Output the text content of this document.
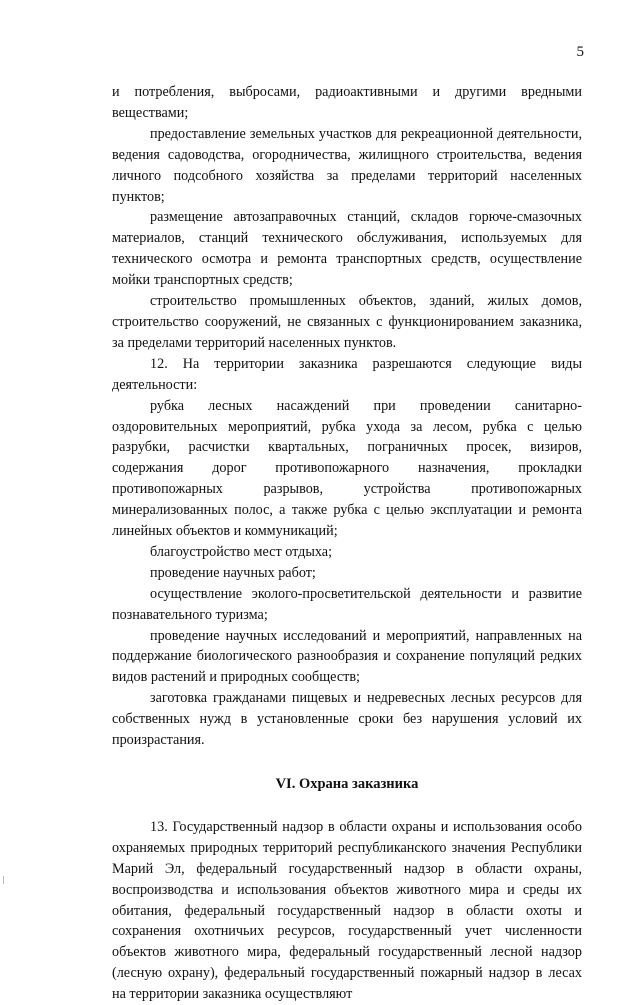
5

и потребления, выбросами, радиоактивными и другими вредными веществами;

предоставление земельных участков для рекреационной деятельности, ведения садоводства, огородничества, жилищного строительства, ведения личного подсобного хозяйства за пределами территорий населенных пунктов;

размещение автозаправочных станций, складов горюче-смазочных материалов, станций технического обслуживания, используемых для технического осмотра и ремонта транспортных средств, осуществление мойки транспортных средств;

строительство промышленных объектов, зданий, жилых домов, строительство сооружений, не связанных с функционированием заказника, за пределами территорий населенных пунктов.

12. На территории заказника разрешаются следующие виды деятельности:

рубка лесных насаждений при проведении санитарно-оздоровительных мероприятий, рубка ухода за лесом, рубка с целью разрубки, расчистки квартальных, пограничных просек, визиров, содержания дорог противопожарного назначения, прокладки противопожарных разрывов, устройства противопожарных минерализованных полос, а также рубка с целью эксплуатации и ремонта линейных объектов и коммуникаций;

благоустройство мест отдыха;

проведение научных работ;

осуществление эколого-просветительской деятельности и развитие познавательного туризма;

проведение научных исследований и мероприятий, направленных на поддержание биологического разнообразия и сохранение популяций редких видов растений и природных сообществ;

заготовка гражданами пищевых и недревесных лесных ресурсов для собственных нужд в установленные сроки без нарушения условий их произрастания.

VI. Охрана заказника

13. Государственный надзор в области охраны и использования особо охраняемых природных территорий республиканского значения Республики Марий Эл, федеральный государственный надзор в области охраны, воспроизводства и использования объектов животного мира и среды их обитания, федеральный государственный надзор в области охоты и сохранения охотничьих ресурсов, государственный учет численности объектов животного мира, федеральный государственный лесной надзор (лесную охрану), федеральный государственный пожарный надзор в лесах на территории заказника осуществляют
